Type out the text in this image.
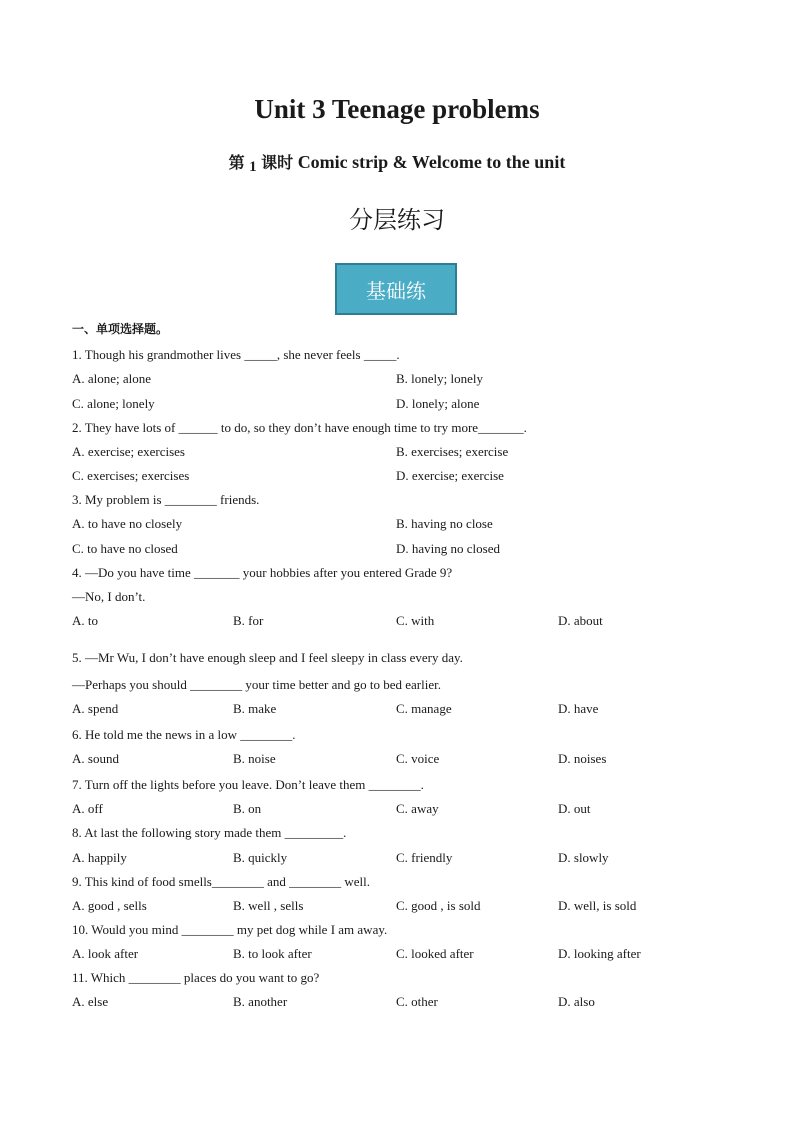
Unit 3 Teenage problems
第 1 课时 Comic strip & Welcome to the unit
分层练习
基础练
一、单项选择题。
1. Though his grandmother lives _____, she never feels _____.
A. alone; alone	B. lonely; lonely
C. alone; lonely	D. lonely; alone
2. They have lots of ______ to do, so they don’t have enough time to try more_______.
A. exercise; exercises	B. exercises; exercise
C. exercises; exercises	D. exercise; exercise
3. My problem is ________ friends.
A. to have no closely	B. having no close
C. to have no closed	D. having no closed
4. —Do you have time _______ your hobbies after you entered Grade 9?
—No, I don’t.
A. to	B. for	C. with	D. about
5. —Mr Wu, I don’t have enough sleep and I feel sleepy in class every day.
—Perhaps you should ________ your time better and go to bed earlier.
A. spend	B. make	C. manage	D. have
6. He told me the news in a low ________.
A. sound	B. noise	C. voice	D. noises
7. Turn off the lights before you leave. Don’t leave them ________.
A. off	B. on	C. away	D. out
8. At last the following story made them _________.
A. happily	B. quickly	C. friendly	D. slowly
9. This kind of food smells________ and ________ well.
A. good , sells	B. well , sells	C. good , is sold	D. well, is sold
10. Would you mind ________ my pet dog while I am away.
A. look after	B. to look after	C. looked after	D. looking after
11. Which ________ places do you want to go?
A. else	B. another	C. other	D. also
